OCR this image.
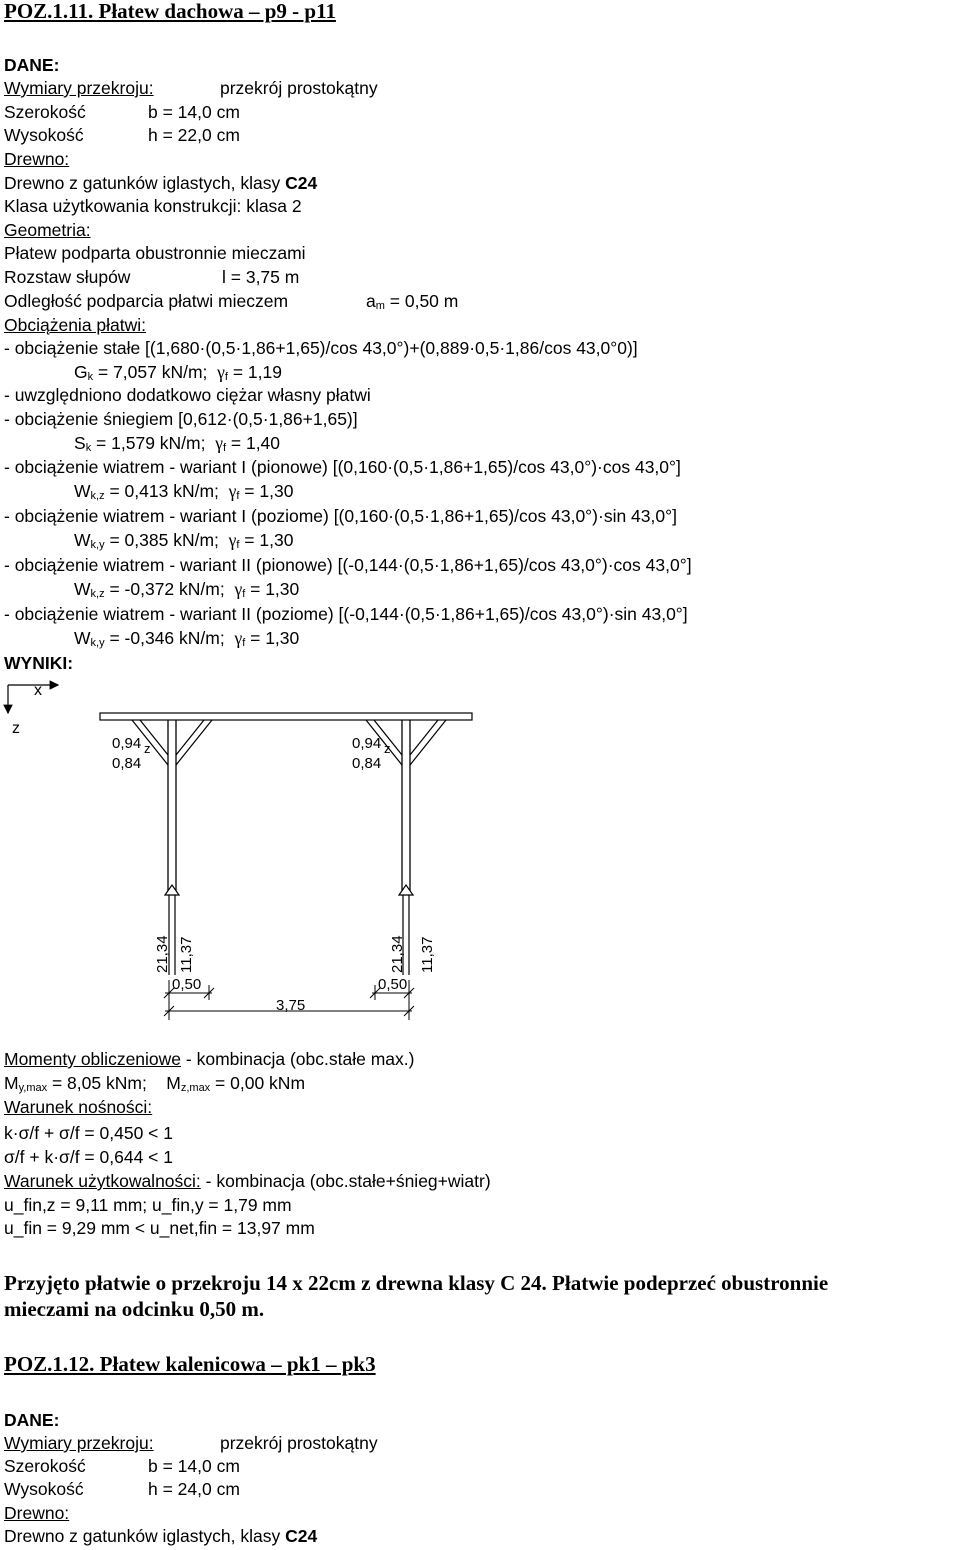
POZ.1.11. Płatew dachowa – p9 - p11
DANE:
Wymiary przekroju:	przekrój prostokątny
Szerokość	b = 14,0 cm
Wysokość	h = 22,0 cm
Drewno:
Drewno z gatunków iglastych, klasy C24
Klasa użytkowania konstrukcji: klasa 2
Geometria:
Płatew podparta obustronnie mieczami
Rozstaw słupów	l = 3,75 m
Odległość podparcia płatwi mieczem	$a_m = 0,50$ m
Obciążenia płatwi:
- obciążenie stałe [(1,680·(0,5·1,86+1,65)/cos 43,0°)+(0,889·0,5·1,86/cos 43,0°0)]
$G_k = 7,057$ kN/m; $\gamma_f = 1,19$
- uwzględniono dodatkowo ciężar własny płatwi
- obciążenie śniegiem [0,612·(0,5·1,86+1,65)]
$S_k = 1,579$ kN/m; $\gamma_f = 1,40$
- obciążenie wiatrem - wariant I (pionowe) [(0,160·(0,5·1,86+1,65)/cos 43,0°)·cos 43,0°]
$W_{k,z} = 0,413$ kN/m; $\gamma_f = 1,30$
- obciążenie wiatrem - wariant I (poziome) [(0,160·(0,5·1,86+1,65)/cos 43,0°)·sin 43,0°]
$W_{k,y} = 0,385$ kN/m; $\gamma_f = 1,30$
- obciążenie wiatrem - wariant II (pionowe) [(-0,144·(0,5·1,86+1,65)/cos 43,0°)·cos 43,0°]
$W_{k,z} = -0,372$ kN/m; $\gamma_f = 1,30$
- obciążenie wiatrem - wariant II (poziome) [(-0,144·(0,5·1,86+1,65)/cos 43,0°)·sin 43,0°]
$W_{k,y} = -0,346$ kN/m; $\gamma_f = 1,30$
WYNIKI:
x
z
0,94 z
0,84
0,94 z
0,84
21,34 11,37	21,34 11,37
0,50	0,50
3,75
Momenty obliczeniowe - kombinacja (obc.stałe max.)
$M_{y,max} = 8,05$ kNm; $M_{z,max} = 0,00$ kNm
Warunek nośności:
k·σ/f + σ/f = 0,450 < 1
σ/f + k·σ/f = 0,644 < 1
Warunek użytkowalności: - kombinacja (obc.stałe+śnieg+wiatr)
u_fin,z = 9,11 mm; u_fin,y = 1,79 mm
u_fin = 9,29 mm < u_net,fin = 13,97 mm
Przyjęto płatwie o przekroju 14 x 22cm z drewna klasy C 24. Płatwie podeprzeć obustronnie
mieczami na odcinku 0,50 m.
POZ.1.12. Płatew kalenicowa – pk1 – pk3
DANE:
Wymiary przekroju:	przekrój prostokątny
Szerokość	b = 14,0 cm
Wysokość	h = 24,0 cm
Drewno:
Drewno z gatunków iglastych, klasy C24
